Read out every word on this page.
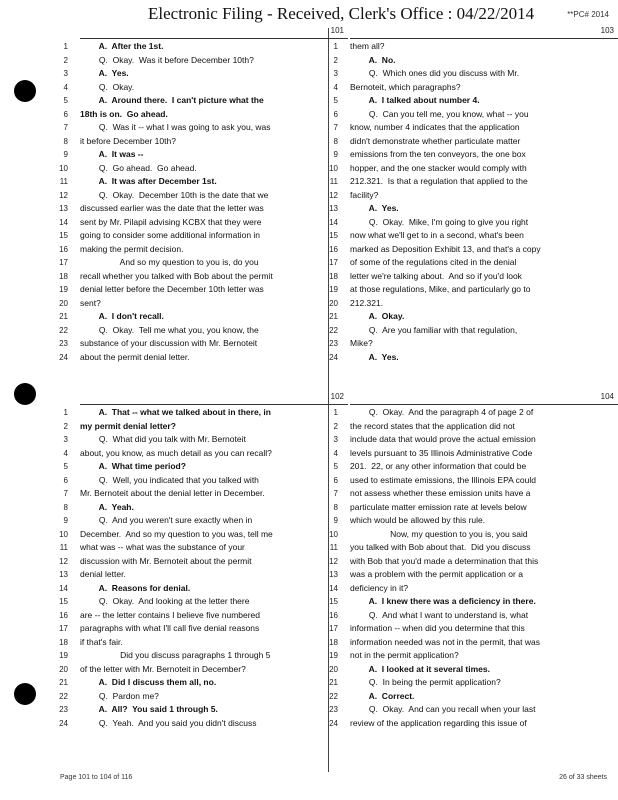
Electronic Filing - Received, Clerk's Office : 04/22/2014	**PC# 2014
101
1 A.  After the 1st.
2 Q.  Okay.  Was it before December 10th?
3 A.  Yes.
4 Q.  Okay.
5 A.  Around there.  I can't picture what the
6 18th is on.  Go ahead.
7 Q.  Was it -- what I was going to ask you, was
8 it before December 10th?
9 A.  It was --
10 Q.  Go ahead.  Go ahead.
11 A.  It was after December 1st.
12 Q.  Okay.  December 10th is the date that we
13 discussed earlier was the date that the letter was
14 sent by Mr. Pilapil advising KCBX that they were
15 going to consider some additional information in
16 making the permit decision.
17 And so my question to you is, do you
18 recall whether you talked with Bob about the permit
19 denial letter before the December 10th letter was
20 sent?
21 A.  I don't recall.
22 Q.  Okay.  Tell me what you, you know, the
23 substance of your discussion with Mr. Bernoteit
24 about the permit denial letter.
103
1 them all?
2 A.  No.
3 Q.  Which ones did you discuss with Mr.
4 Bernoteit, which paragraphs?
5 A.  I talked about number 4.
6 Q.  Can you tell me, you know, what -- you
7 know, number 4 indicates that the application
8 didn't demonstrate whether particulate matter
9 emissions from the ten conveyors, the one box
10 hopper, and the one stacker would comply with
11 212.321.  Is that a regulation that applied to the
12 facility?
13 A.  Yes.
14 Q.  Okay.  Mike, I'm going to give you right
15 now what we'll get to in a second, what's been
16 marked as Deposition Exhibit 13, and that's a copy
17 of some of the regulations cited in the denial
18 letter we're talking about.  And so if you'd look
19 at those regulations, Mike, and particularly go to
20 212.321.
21 A.  Okay.
22 Q.  Are you familiar with that regulation,
23 Mike?
24 A.  Yes.
102
1 A.  That -- what we talked about in there, in
2 my permit denial letter?
3 Q.  What did you talk with Mr. Bernoteit
4 about, you know, as much detail as you can recall?
5 A.  What time period?
6 Q.  Well, you indicated that you talked with
7 Mr. Bernoteit about the denial letter in December.
8 A.  Yeah.
9 Q.  And you weren't sure exactly when in
10 December.  And so my question to you was, tell me
11 what was -- what was the substance of your
12 discussion with Mr. Bernoteit about the permit
13 denial letter.
14 A.  Reasons for denial.
15 Q.  Okay.  And looking at the letter there
16 are -- the letter contains I believe five numbered
17 paragraphs with what I'll call five denial reasons
18 if that's fair.
19 Did you discuss paragraphs 1 through 5
20 of the letter with Mr. Bernoteit in December?
21 A.  Did I discuss them all, no.
22 Q.  Pardon me?
23 A.  All?  You said 1 through 5.
24 Q.  Yeah.  And you said you didn't discuss
104
1 Q.  Okay.  And the paragraph 4 of page 2 of
2 the record states that the application did not
3 include data that would prove the actual emission
4 levels pursuant to 35 Illinois Administrative Code
5 201.  22, or any other information that could be
6 used to estimate emissions, the Illinois EPA could
7 not assess whether these emission units have a
8 particulate matter emission rate at levels below
9 which would be allowed by this rule.
10 Now, my question to you is, you said
11 you talked with Bob about that.  Did you discuss
12 with Bob that you'd made a determination that this
13 was a problem with the permit application or a
14 deficiency in it?
15 A.  I knew there was a deficiency in there.
16 Q.  And what I want to understand is, what
17 information -- when did you determine that this
18 information needed was not in the permit, that was
19 not in the permit application?
20 A.  I looked at it several times.
21 Q.  In being the permit application?
22 A.  Correct.
23 Q.  Okay.  And can you recall when your last
24 review of the application regarding this issue of
Page 101 to 104 of 116	26 of 33 sheets
